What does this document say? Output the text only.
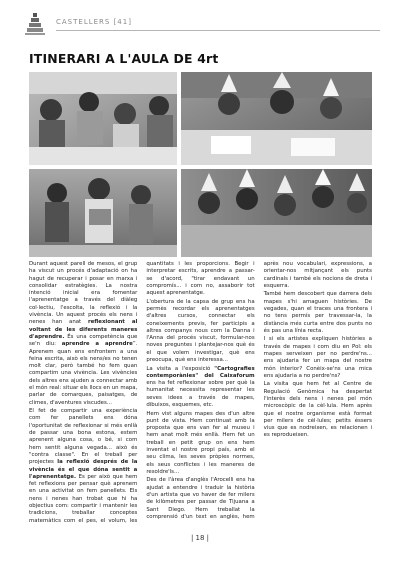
CASTELLERS [41]
ITINERARI A L'AULA DE 4rt

Durant aquest parell de mesos, el grup ha viscut un procés d'adaptació on ha hagut de recuperar i posar en marxa i consolidar estratègies. La nostra intenció inicial era fomentar l'aprenentatge a través del diàleg col·lectiu, l'escolta, la reflexió i la vivència. Un aquest procés els nens i nenes han anat reflexionant al voltant de les diferents maneres d'aprendre. És una competència que se'n diu: aprendre a aprendre”. Aprenem quan ens enfrontem a una feina escrita, això els nens/es no tenen molt clar, però també ho fem quan compartim una vivència. Les vivències dels altres ens ajuden a connectar amb el món real: situar els llocs en un mapa, parlar de comarques, paisatges, de climes, d'aventures viscudes...

El fet de compartir una experiència com fer panellets ens dóna l'oportunitat de reflexionar si més enllà de passar una bona estona, estem aprenent alguna cosa, o bé, si com hem sentit alguna vegada... això és "contra classe". En el treball per projectes la reflexió després de la vivència és el que dóna sentit a l'aprenentatge. Es per això que hem fet reflexions per pensar què aprenem en una activitat on fem panellets. Els nens i nenes han trobat que hi ha objectius com: compartir i mantenir les tradicions, treballar conceptes matemàtics com el pes, el volum, les quantitats i les proporcions. Begir i interpretar escrits, aprendre a passar-se d'acord, "tirar endavant un compromís... i com no, assaborir tot aquest aprenentatge.

L'obertura de la capsa de grup ens ha permès recordar els aprenentatges d'altres cursos, connectar els coneixements previs, fer participis a altres companys nous com la Danna i l'Anna del procés viscut, formular-nos noves preguntes i plantejar-nos què és el que volem investigar, què ens preocupa, què ens interessa...

La visita a l'exposició "Cartografies contemporànies" del Caixaforum ens ha fet reflexionar sobre per què la humanitat necessita representar les seves idees a través de mapes, dibuixos, esquemes, etc.

Hem vist alguns mapes des d'un altre punt de vista. Hem continuat amb la proposta que ens van fer al museu i hem anat molt més enllà. Hem fet un treball en petit grup on ens hem inventat el nostre propi país, amb el seu clima, les seves pròpies normes, els seus conflictes i les maneres de resoldre'ls...

Des de l'àrea d'anglès l'Arocelli ens ha ajudat a entendre i traduir la història d'un artista que vo haver de fer milers de kilòmetres per passar de Tijuana a Sant Diego. Hem treballat la comprensió d'un text en anglès, hem après nou vocabulari, expressions, a orientar-nos mitjançant els punts cardinals i també els nocions de dreta i esquerra.

També hem descobert que darrera dels mapes s'hi amaguen històries. De vegades, quan el traces una frontera i no tens permís per travessar-la, la distància més curta entre dos punts no és pas una línia recta.

I si els artistes expliquen històries a través de mapes i com diu en Pol: els mapes serveixen per no perdre'ns... ens ajudaria fer un mapa del nostre món interior? Conèix-se'ns una mica ens ajudaria a no perdre'ns?

La visita que hem fet al Centre de Regulació Genòmica ha despertat l'interès dels nens i nenes pel món microscòpic de la cèl·lula. Hem après que el nostre organisme està format per milers de cèl·lules; petits éssers vius que es nodreixen, es relacionen i es reprodueixen.

| 18 |
